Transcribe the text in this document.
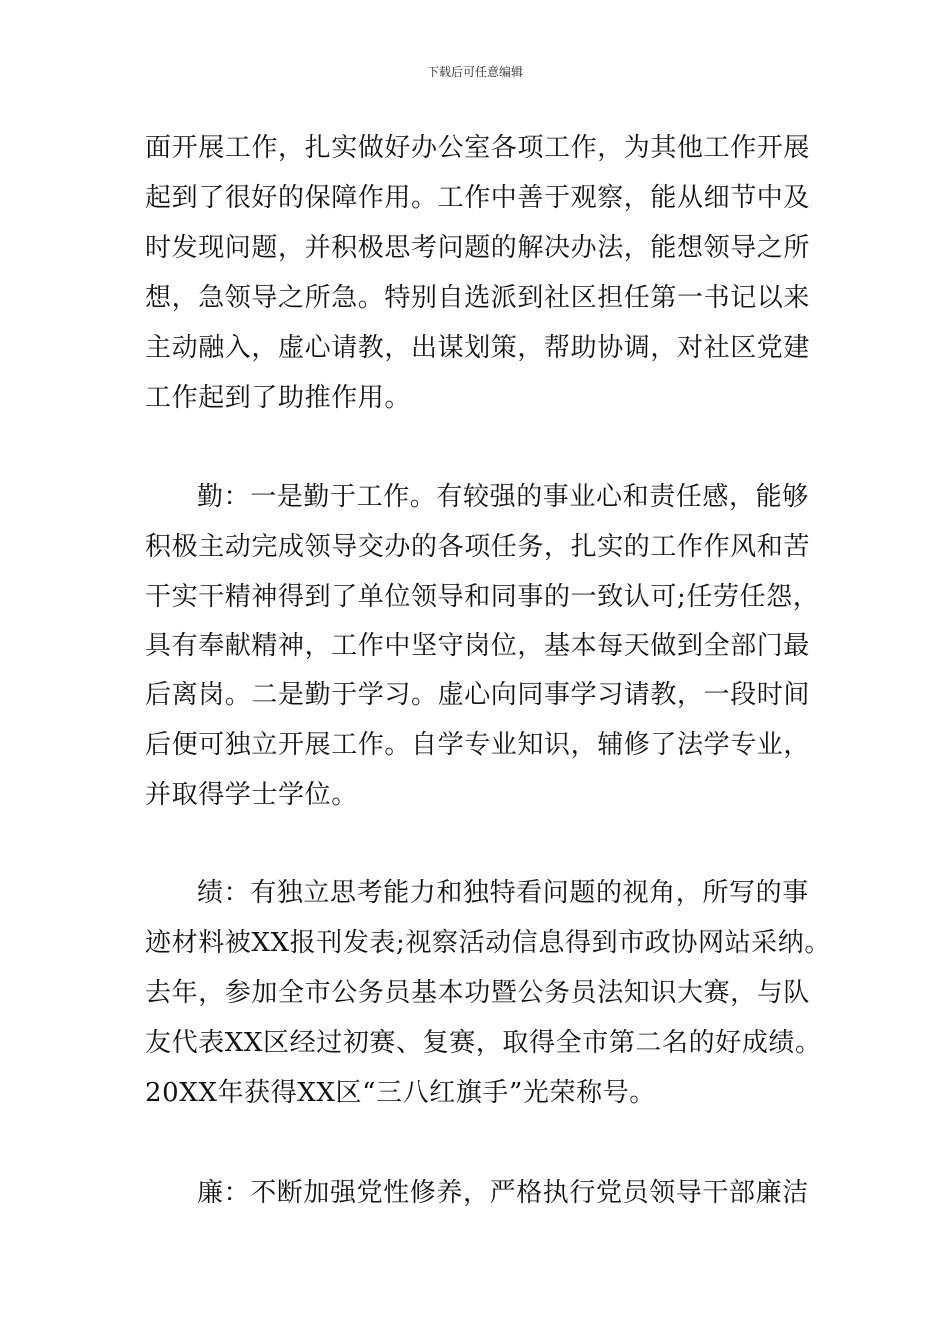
下载后可任意编辑
面开展工作，扎实做好办公室各项工作，为其他工作开展
起到了很好的保障作用。工作中善于观察，能从细节中及
时发现问题，并积极思考问题的解决办法，能想领导之所
想，急领导之所急。特别自选派到社区担任第一书记以来
主动融入，虚心请教，出谋划策，帮助协调，对社区党建
工作起到了助推作用。
勤：一是勤于工作。有较强的事业心和责任感，能够
积极主动完成领导交办的各项任务，扎实的工作作风和苦
干实干精神得到了单位领导和同事的一致认可;任劳任怨，
具有奉献精神，工作中坚守岗位，基本每天做到全部门最
后离岗。二是勤于学习。虚心向同事学习请教，一段时间
后便可独立开展工作。自学专业知识，辅修了法学专业，
并取得学士学位。
绩：有独立思考能力和独特看问题的视角，所写的事
迹材料被XX报刊发表;视察活动信息得到市政协网站采纳。
去年，参加全市公务员基本功暨公务员法知识大赛，与队
友代表XX区经过初赛、复赛，取得全市第二名的好成绩。
20XX年获得XX区“三八红旗手”光荣称号。
廉：不断加强党性修养，严格执行党员领导干部廉洁
